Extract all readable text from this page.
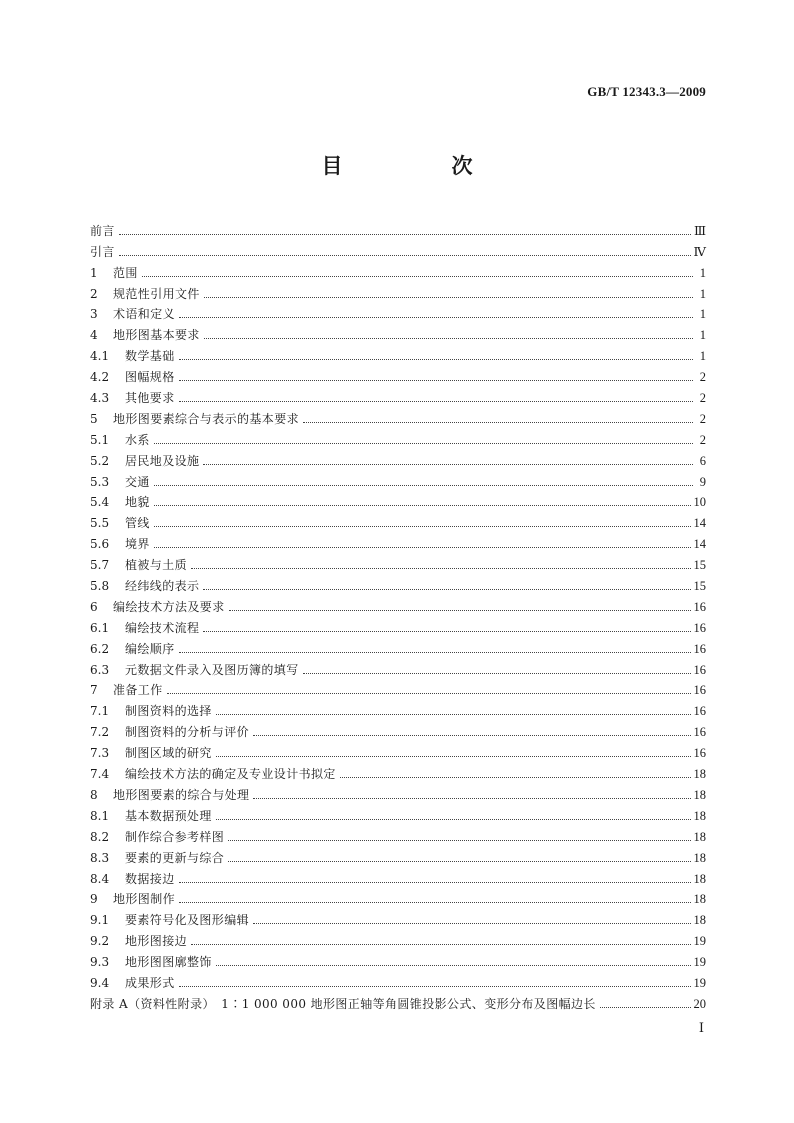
GB/T 12343.3—2009
目　次
前言	Ⅲ
引言	Ⅳ
1	范围	1
2	规范性引用文件	1
3	术语和定义	1
4	地形图基本要求	1
4.1	数学基础	1
4.2	图幅规格	2
4.3	其他要求	2
5	地形图要素综合与表示的基本要求	2
5.1	水系	2
5.2	居民地及设施	6
5.3	交通	9
5.4	地貌	10
5.5	管线	14
5.6	境界	14
5.7	植被与土质	15
5.8	经纬线的表示	15
6	编绘技术方法及要求	16
6.1	编绘技术流程	16
6.2	编绘顺序	16
6.3	元数据文件录入及图历簿的填写	16
7	准备工作	16
7.1	制图资料的选择	16
7.2	制图资料的分析与评价	16
7.3	制图区域的研究	16
7.4	编绘技术方法的确定及专业设计书拟定	18
8	地形图要素的综合与处理	18
8.1	基本数据预处理	18
8.2	制作综合参考样图	18
8.3	要素的更新与综合	18
8.4	数据接边	18
9	地形图制作	18
9.1	要素符号化及图形编辑	18
9.2	地形图接边	19
9.3	地形图图廓整饰	19
9.4	成果形式	19
附录 A（资料性附录）　1∶1 000 000 地形图正轴等角圆锥投影公式、变形分布及图幅边长	20
Ⅰ
